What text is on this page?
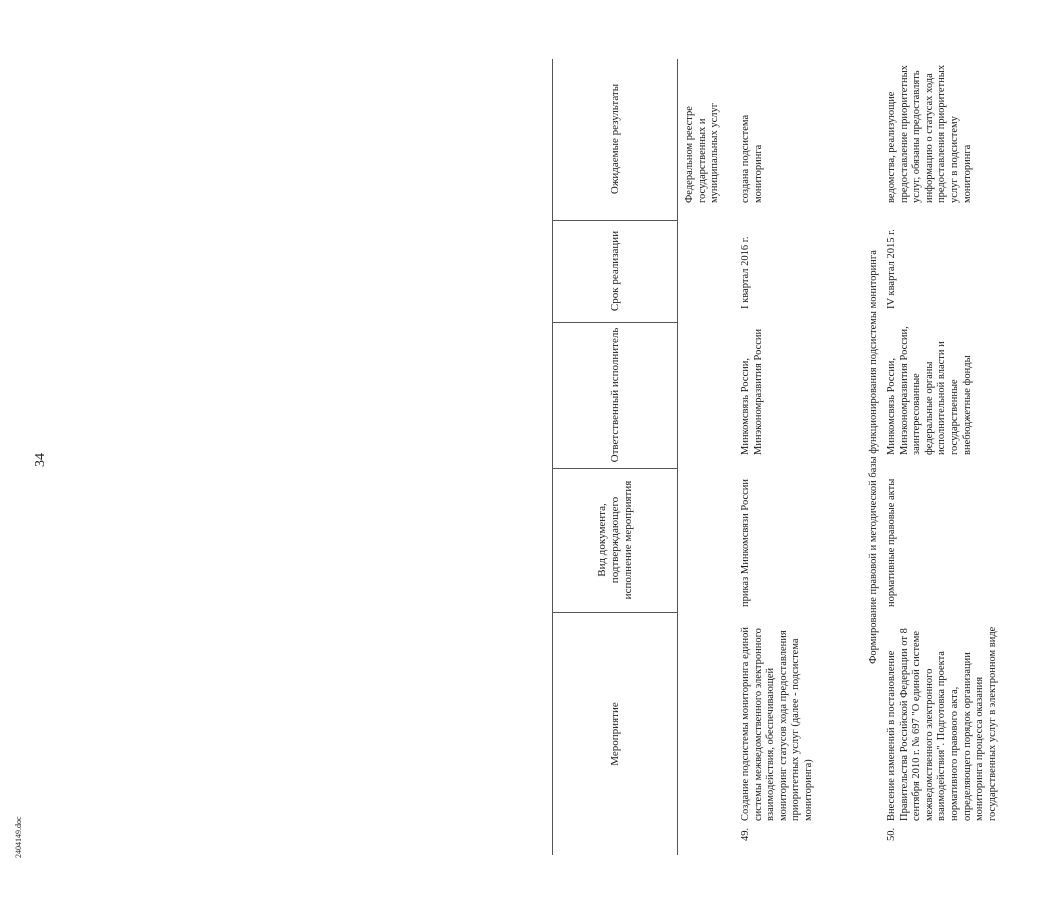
34
2404149.doc
Мероприятие
Вид документа, подтверждающего исполнение мероприятия
Ответственный исполнитель
Срок реализации
Ожидаемые результаты	Федеральном реестре государственных и муниципальных услуг
49.
Создание подсистемы мониторинга единой системы межведомственного электронного взаимодействия, обеспечивающей мониторинг статусов хода предоставления приоритетных услуг (далее - подсистема мониторинга)
приказ Минкомсвязи России
Минкомсвязь России, Минэкономразвития России
I квартал 2016 г.
создана подсистема мониторинга
Формирование правовой и методической базы функционирования подсистемы мониторинга
50.
Внесение изменений в постановление Правительства Российской Федерации от 8 сентября 2010 г. № 697 "О единой системе межведомственного электронного взаимодействия". Подготовка проекта нормативного правового акта, определяющего порядок организации мониторинга процесса оказания государственных услуг в электронном виде
нормативные правовые акты
Минкомсвязь России, Минэкономразвития России, заинтересованные федеральные органы исполнительной власти и государственные внебюджетные фонды
IV квартал 2015 г.
ведомства, реализующие предоставление приоритетных услуг, обязаны предоставлять информацию о статусах хода предоставления приоритетных услуг в подсистему мониторинга
